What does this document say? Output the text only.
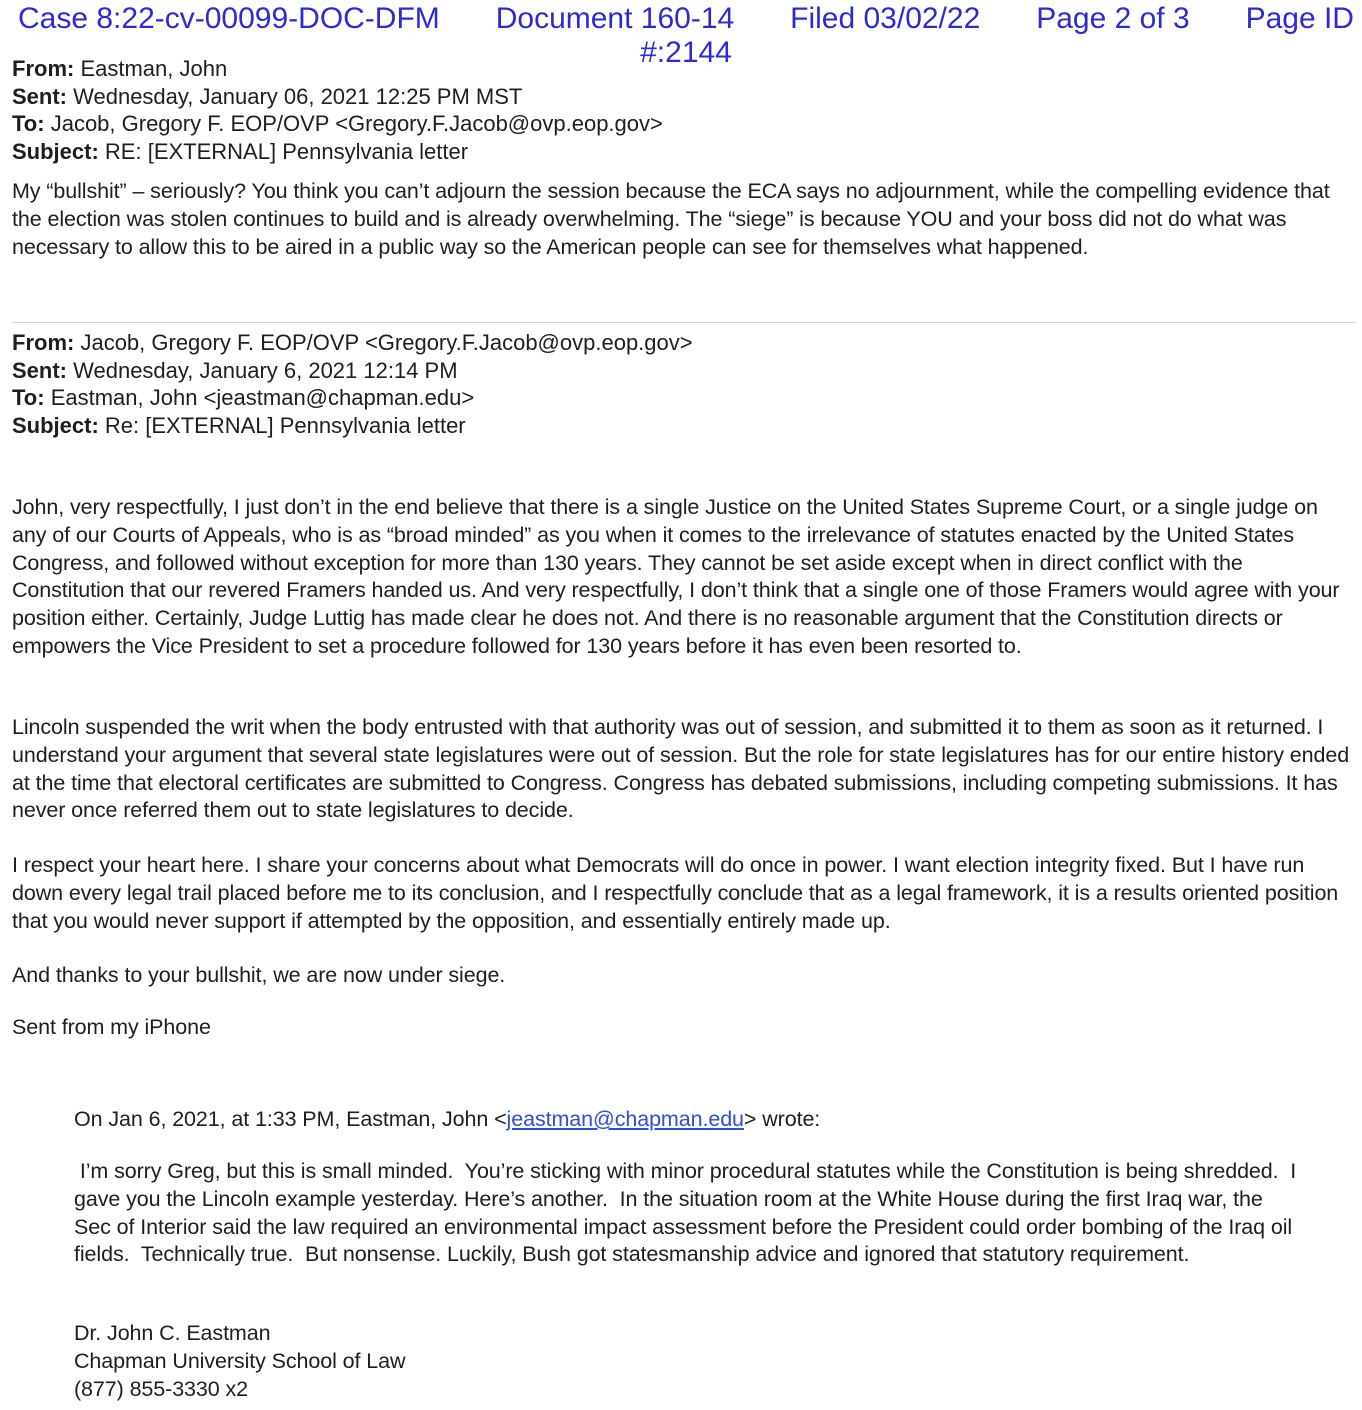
Case 8:22-cv-00099-DOC-DFM Document 160-14 Filed 03/02/22 Page 2 of 3 Page ID
#:2144
From: Eastman, John
Sent: Wednesday, January 06, 2021 12:25 PM MST
To: Jacob, Gregory F. EOP/OVP <Gregory.F.Jacob@ovp.eop.gov>
Subject: RE: [EXTERNAL] Pennsylvania letter
My “bullshit” – seriously? You think you can’t adjourn the session because the ECA says no adjournment, while the compelling evidence that the election was stolen continues to build and is already overwhelming. The “siege” is because YOU and your boss did not do what was necessary to allow this to be aired in a public way so the American people can see for themselves what happened.
From: Jacob, Gregory F. EOP/OVP <Gregory.F.Jacob@ovp.eop.gov>
Sent: Wednesday, January 6, 2021 12:14 PM
To: Eastman, John <jeastman@chapman.edu>
Subject: Re: [EXTERNAL] Pennsylvania letter
John, very respectfully, I just don’t in the end believe that there is a single Justice on the United States Supreme Court, or a single judge on any of our Courts of Appeals, who is as “broad minded” as you when it comes to the irrelevance of statutes enacted by the United States Congress, and followed without exception for more than 130 years. They cannot be set aside except when in direct conflict with the Constitution that our revered Framers handed us. And very respectfully, I don’t think that a single one of those Framers would agree with your position either. Certainly, Judge Luttig has made clear he does not. And there is no reasonable argument that the Constitution directs or empowers the Vice President to set a procedure followed for 130 years before it has even been resorted to.
Lincoln suspended the writ when the body entrusted with that authority was out of session, and submitted it to them as soon as it returned. I understand your argument that several state legislatures were out of session. But the role for state legislatures has for our entire history ended at the time that electoral certificates are submitted to Congress. Congress has debated submissions, including competing submissions. It has never once referred them out to state legislatures to decide.
I respect your heart here. I share your concerns about what Democrats will do once in power. I want election integrity fixed. But I have run down every legal trail placed before me to its conclusion, and I respectfully conclude that as a legal framework, it is a results oriented position that you would never support if attempted by the opposition, and essentially entirely made up.
And thanks to your bullshit, we are now under siege.
Sent from my iPhone
On Jan 6, 2021, at 1:33 PM, Eastman, John <jeastman@chapman.edu> wrote:
I’m sorry Greg, but this is small minded.  You’re sticking with minor procedural statutes while the Constitution is being shredded.  I gave you the Lincoln example yesterday. Here’s another.  In the situation room at the White House during the first Iraq war, the Sec of Interior said the law required an environmental impact assessment before the President could order bombing of the Iraq oil fields.  Technically true.  But nonsense. Luckily, Bush got statesmanship advice and ignored that statutory requirement.
Dr. John C. Eastman
Chapman University School of Law
(877) 855-3330 x2
